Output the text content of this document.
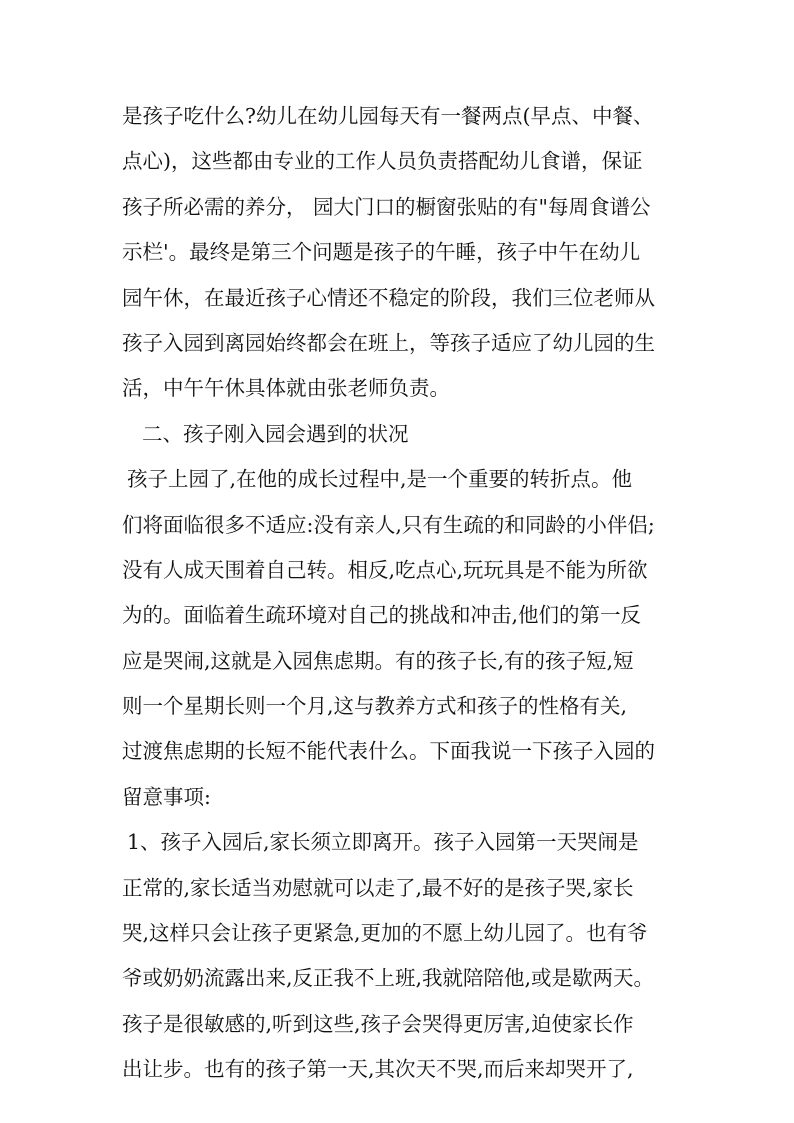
是孩子吃什么?幼儿在幼儿园每天有一餐两点(早点、中餐、
点心)，这些都由专业的工作人员负责搭配幼儿食谱，保证
孩子所必需的养分， 园大门口的橱窗张贴的有"每周食谱公
示栏'。最终是第三个问题是孩子的午睡，孩子中午在幼儿
园午休，在最近孩子心情还不稳定的阶段，我们三位老师从
孩子入园到离园始终都会在班上，等孩子适应了幼儿园的生
活，中午午休具体就由张老师负责。
二、孩子刚入园会遇到的状况
孩子上园了,在他的成长过程中,是一个重要的转折点。他
们将面临很多不适应:没有亲人,只有生疏的和同龄的小伴侣;
没有人成天围着自己转。相反,吃点心,玩玩具是不能为所欲
为的。面临着生疏环境对自己的挑战和冲击,他们的第一反
应是哭闹,这就是入园焦虑期。有的孩子长,有的孩子短,短
则一个星期长则一个月,这与教养方式和孩子的性格有关,
过渡焦虑期的长短不能代表什么。下面我说一下孩子入园的
留意事项:
1、孩子入园后,家长须立即离开。孩子入园第一天哭闹是
正常的,家长适当劝慰就可以走了,最不好的是孩子哭,家长
哭,这样只会让孩子更紧急,更加的不愿上幼儿园了。也有爷
爷或奶奶流露出来,反正我不上班,我就陪陪他,或是歇两天。
孩子是很敏感的,听到这些,孩子会哭得更厉害,迫使家长作
出让步。也有的孩子第一天,其次天不哭,而后来却哭开了,
